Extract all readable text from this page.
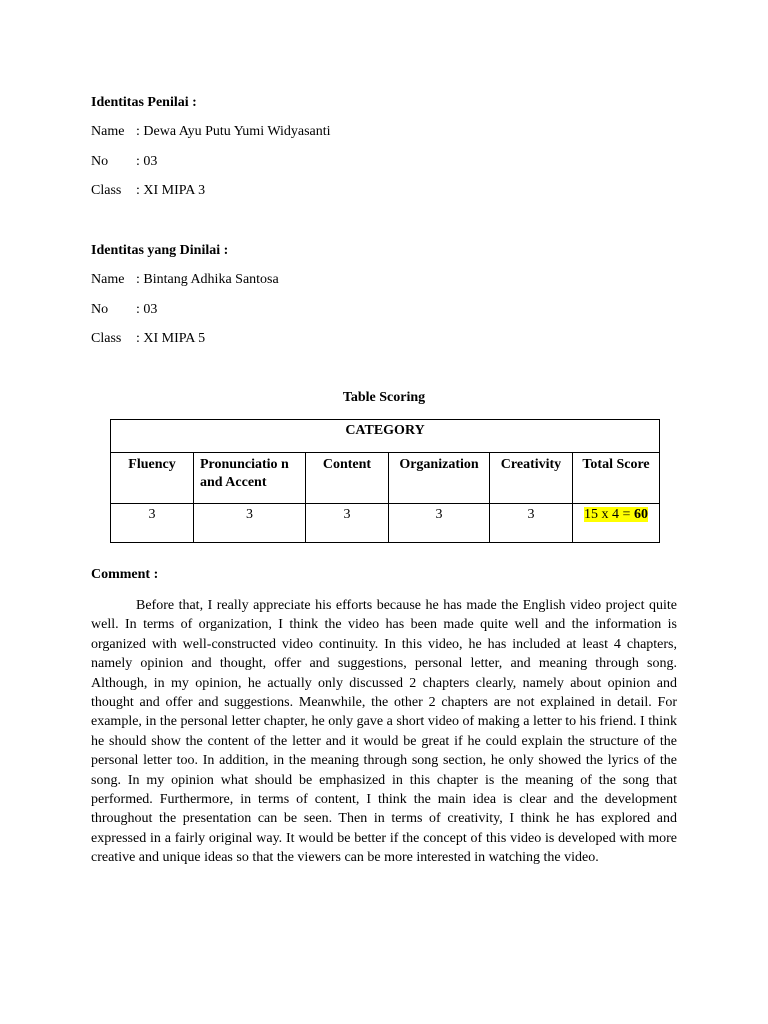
Identitas Penilai :
Name : Dewa Ayu Putu Yumi Widyasanti
No : 03
Class : XI MIPA 3
Identitas yang Dinilai :
Name : Bintang Adhika Santosa
No : 03
Class : XI MIPA 5
Table Scoring
CATEGORY					
Fluency	Pronunciatio n and Accent	Content	Organization	Creativity	Total Score
3	3	3	3	3	15 x 4 = 60
Comment :

Before that, I really appreciate his efforts because he has made the English video project quite well. In terms of organization, I think the video has been made quite well and the information is organized with well-constructed video continuity. In this video, he has included at least 4 chapters, namely opinion and thought, offer and suggestions, personal letter, and meaning through song. Although, in my opinion, he actually only discussed 2 chapters clearly, namely about opinion and thought and offer and suggestions. Meanwhile, the other 2 chapters are not explained in detail. For example, in the personal letter chapter, he only gave a short video of making a letter to his friend. I think he should show the content of the letter and it would be great if he could explain the structure of the personal letter too. In addition, in the meaning through song section, he only showed the lyrics of the song. In my opinion what should be emphasized in this chapter is the meaning of the song that performed. Furthermore, in terms of content, I think the main idea is clear and the development throughout the presentation can be seen. Then in terms of creativity, I think he has explored and expressed in a fairly original way. It would be better if the concept of this video is developed with more creative and unique ideas so that the viewers can be more interested in watching the video.
